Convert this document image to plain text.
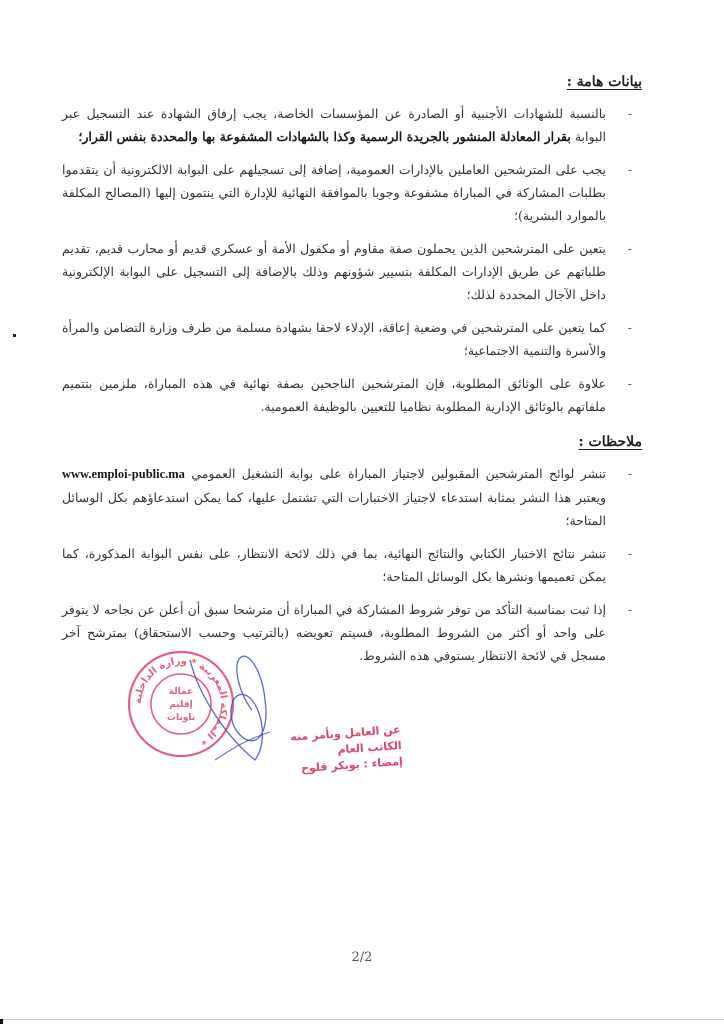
بيانات هامة :
-
بالنسبة للشهادات الأجنبية أو الصادرة عن المؤسسات الخاصة، يجب إرفاق الشهادة عند التسجيل عبر البوابة بقرار المعادلة المنشور بالجريدة الرسمية وكذا بالشهادات المشفوعة بها والمحددة بنفس القرار؛
-
يجب على المترشحين العاملين بالإدارات العمومية، إضافة إلى تسجيلهم على البوابة الالكترونية أن يتقدموا بطلبات المشاركة في المباراة مشفوعة وجوبا بالموافقة النهائية للإدارة التي ينتمون إليها (المصالح المكلفة بالموارد البشرية)؛
-
يتعين على المترشحين الذين يحملون صفة مقاوم أو مكفول الأمة أو عسكري قديم أو محارب قديم، تقديم طلباتهم عن طريق الإدارات المكلفة بتسيير شؤونهم وذلك بالإضافة إلى التسجيل على البوابة الإلكترونية داخل الآجال المحددة لذلك؛
-
كما يتعين على المترشحين في وضعية إعاقة، الإدلاء لاحقا بشهادة مسلمة من طرف وزارة التضامن والمرأة والأسرة والتنمية الاجتماعية؛
-
علاوة على الوثائق المطلوبة، فإن المترشحين الناجحين بصفة نهائية في هذه المباراة، ملزمين بتتميم ملفاتهم بالوثائق الإدارية المطلوبة نظاميا للتعيين بالوظيفة العمومية.
ملاحظات :
-
تنشر لوائح المترشحين المقبولين لاجتياز المباراة على بوابة التشغيل العمومي www.emploi-public.ma ويعتبر هذا النشر بمثابة استدعاء لاجتياز الاختبارات التي تشتمل عليها، كما يمكن استدعاؤهم بكل الوسائل المتاحة؛
-
تنشر نتائج الاختبار الكتابي والنتائج النهائية، بما في ذلك لائحة الانتظار، على نفس البوابة المذكورة، كما يمكن تعميمها ونشرها بكل الوسائل المتاحة؛
-
إذا ثبت بمناسبة التأكد من توفر شروط المشاركة في المباراة أن مترشحا سبق أن أعلن عن نجاحه لا يتوفر على واحد أو أكثر من الشروط المطلوبة، فسيتم تعويضه (بالترتيب وحسب الاستحقاق) بمترشح آخر مسجل في لائحة الانتظار يستوفي هذه الشروط.
المملكة المغربية * وزارة الداخلية *
عمالة
إقليم
تاونات
عن العامل وبأمر منه
الكاتب العام
إمضاء : بوبكر قلوح
2/2
